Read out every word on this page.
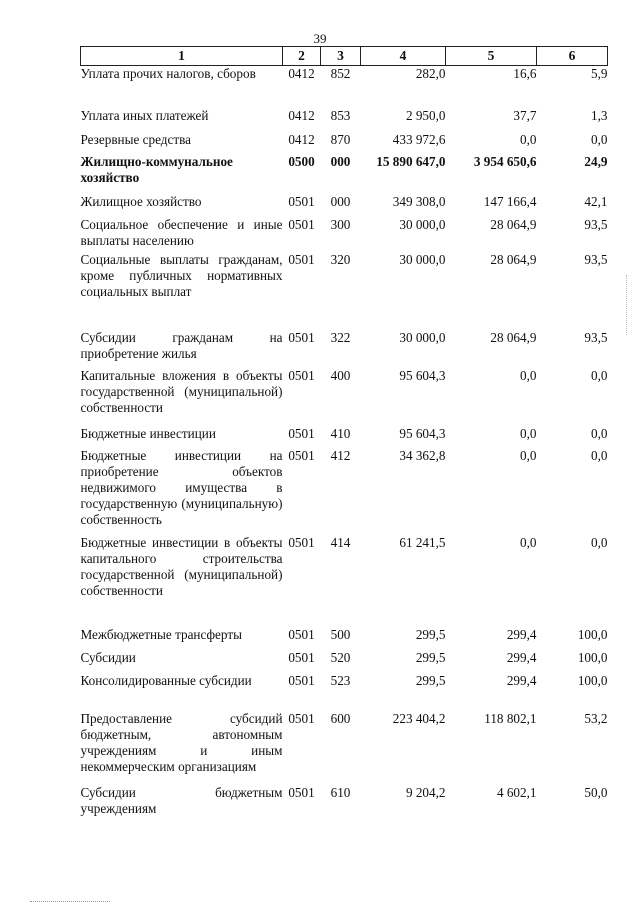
39
1	2	3	4	5	6
Уплата прочих налогов, сборов	0412	852	282,0	16,6	5,9
Уплата иных платежей	0412	853	2 950,0	37,7	1,3
Резервные средства	0412	870	433 972,6	0,0	0,0
Жилищно-коммунальное хозяйство	0500	000	15 890 647,0	3 954 650,6	24,9
Жилищное хозяйство	0501	000	349 308,0	147 166,4	42,1
Социальное обеспечение и иные выплаты населению	0501	300	30 000,0	28 064,9	93,5
Социальные выплаты гражданам, кроме публичных нормативных социальных выплат	0501	320	30 000,0	28 064,9	93,5
Субсидии гражданам на приобретение жилья	0501	322	30 000,0	28 064,9	93,5
Капитальные вложения в объекты государственной (муниципальной) собственности	0501	400	95 604,3	0,0	0,0
Бюджетные инвестиции	0501	410	95 604,3	0,0	0,0
Бюджетные инвестиции на приобретение объектов недвижимого имущества в государственную (муниципальную) собственность	0501	412	34 362,8	0,0	0,0
Бюджетные инвестиции в объекты капитального строительства государственной (муниципальной) собственности	0501	414	61 241,5	0,0	0,0
Межбюджетные трансферты	0501	500	299,5	299,4	100,0
Субсидии	0501	520	299,5	299,4	100,0
Консолидированные субсидии	0501	523	299,5	299,4	100,0
Предоставление субсидий бюджетным, автономным учреждениям и иным некоммерческим организациям	0501	600	223 404,2	118 802,1	53,2
Субсидии бюджетным учреждениям	0501	610	9 204,2	4 602,1	50,0
